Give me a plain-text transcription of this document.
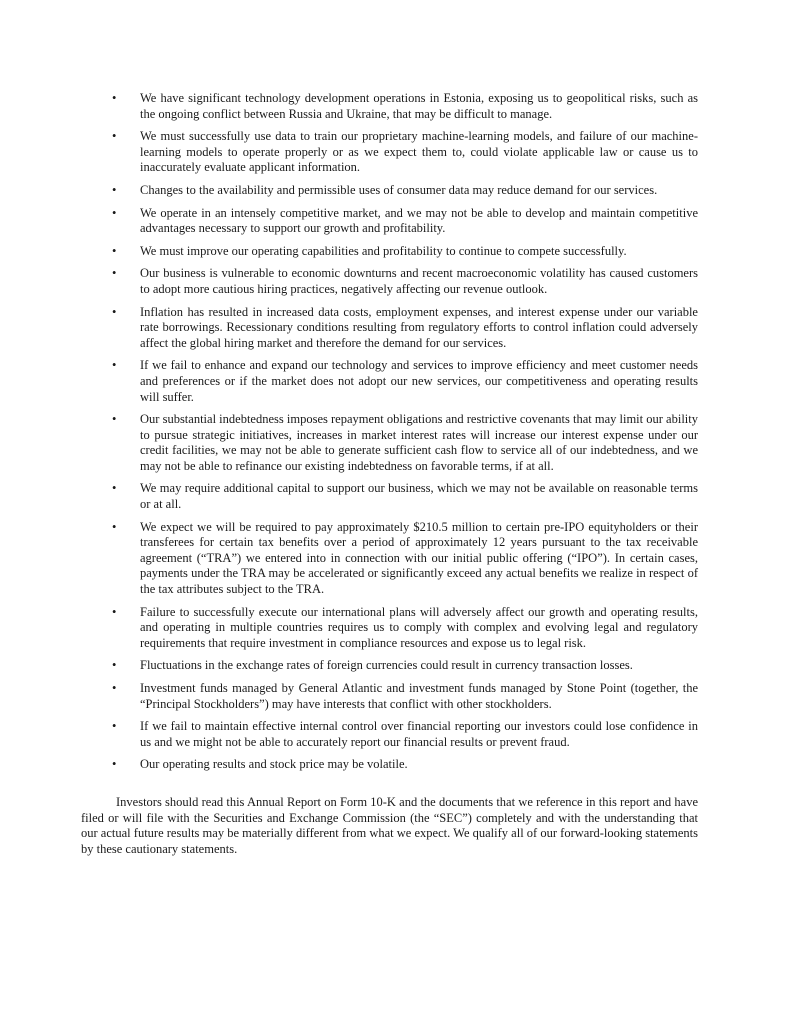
•	We have significant technology development operations in Estonia, exposing us to geopolitical risks, such as the ongoing conflict between Russia and Ukraine, that may be difficult to manage.
•	We must successfully use data to train our proprietary machine-learning models, and failure of our machine-learning models to operate properly or as we expect them to, could violate applicable law or cause us to inaccurately evaluate applicant information.
•	Changes to the availability and permissible uses of consumer data may reduce demand for our services.
•	We operate in an intensely competitive market, and we may not be able to develop and maintain competitive advantages necessary to support our growth and profitability.
•	We must improve our operating capabilities and profitability to continue to compete successfully.
•	Our business is vulnerable to economic downturns and recent macroeconomic volatility has caused customers to adopt more cautious hiring practices, negatively affecting our revenue outlook.
•	Inflation has resulted in increased data costs, employment expenses, and interest expense under our variable rate borrowings. Recessionary conditions resulting from regulatory efforts to control inflation could adversely affect the global hiring market and therefore the demand for our services.
•	If we fail to enhance and expand our technology and services to improve efficiency and meet customer needs and preferences or if the market does not adopt our new services, our competitiveness and operating results will suffer.
•	Our substantial indebtedness imposes repayment obligations and restrictive covenants that may limit our ability to pursue strategic initiatives, increases in market interest rates will increase our interest expense under our credit facilities, we may not be able to generate sufficient cash flow to service all of our indebtedness, and we may not be able to refinance our existing indebtedness on favorable terms, if at all.
•	We may require additional capital to support our business, which we may not be available on reasonable terms or at all.
•	We expect we will be required to pay approximately $210.5 million to certain pre-IPO equityholders or their transferees for certain tax benefits over a period of approximately 12 years pursuant to the tax receivable agreement (“TRA”) we entered into in connection with our initial public offering (“IPO”). In certain cases, payments under the TRA may be accelerated or significantly exceed any actual benefits we realize in respect of the tax attributes subject to the TRA.
•	Failure to successfully execute our international plans will adversely affect our growth and operating results, and operating in multiple countries requires us to comply with complex and evolving legal and regulatory requirements that require investment in compliance resources and expose us to legal risk.
•	Fluctuations in the exchange rates of foreign currencies could result in currency transaction losses.
•	Investment funds managed by General Atlantic and investment funds managed by Stone Point (together, the “Principal Stockholders”) may have interests that conflict with other stockholders.
•	If we fail to maintain effective internal control over financial reporting our investors could lose confidence in us and we might not be able to accurately report our financial results or prevent fraud.
•	Our operating results and stock price may be volatile.

Investors should read this Annual Report on Form 10-K and the documents that we reference in this report and have filed or will file with the Securities and Exchange Commission (the “SEC”) completely and with the understanding that our actual future results may be materially different from what we expect. We qualify all of our forward-looking statements by these cautionary statements.
